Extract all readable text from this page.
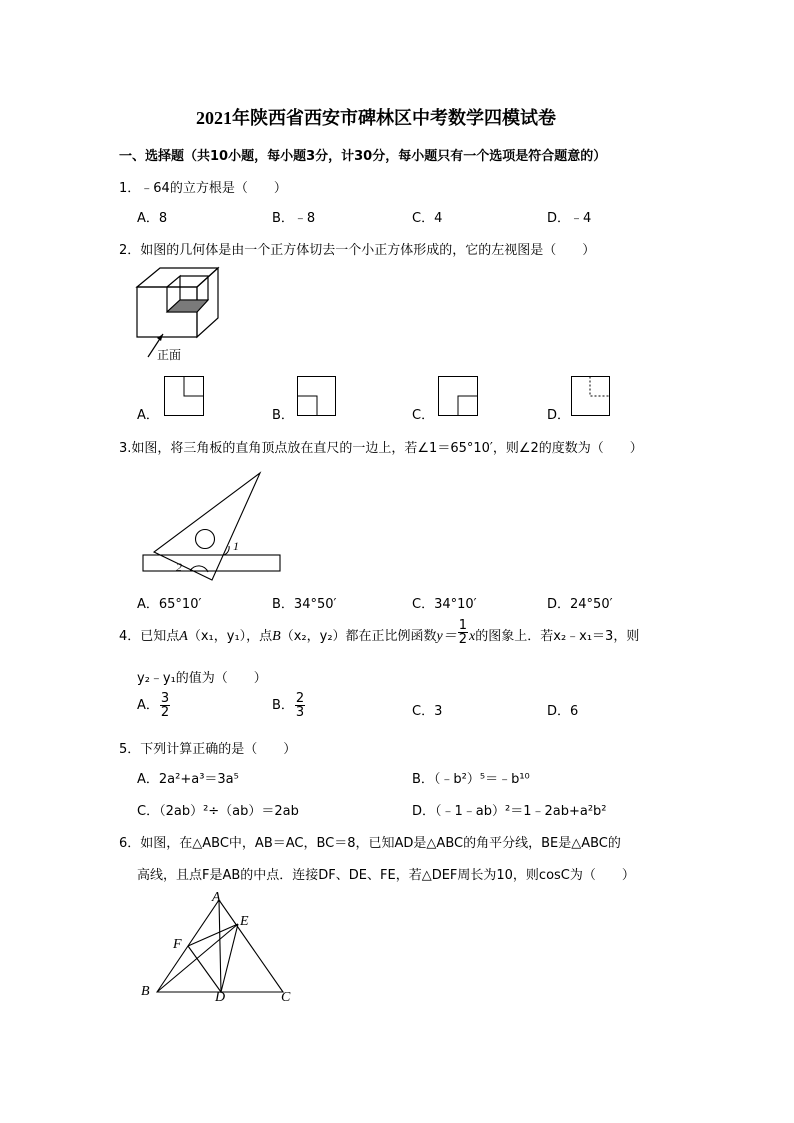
2021年陕西省西安市碑林区中考数学四模试卷
一、选择题（共10小题，每小题3分，计30分，每小题只有一个选项是符合题意的）
1．﹣64的立方根是（　　）
A．8	B．﹣8	C．4	D．﹣4
2．如图的几何体是由一个正方体切去一个小正方体形成的，它的左视图是（　　）
正面
A．	B．	C．	D．
3.如图，将三角板的直角顶点放在直尺的一边上，若∠1＝65°10′，则∠2的度数为（　　）
1
2
A．65°10′	B．34°50′	C．34°10′	D．24°50′
4．已知点A（x₁，y₁），点B（x₂，y₂）都在正比例函数$y= \frac{1}{2}$ x的图象上．若x₂﹣x₁＝3，则
y₂﹣y₁的值为（　　）
A． $\frac{3}{2}$	B． $\frac{2}{3}$	C．3	D．6
5．下列计算正确的是（　　）
A．2a²+a³＝3a⁵	B．（﹣b²）⁵＝﹣b¹⁰
C．（2ab）²÷（ab）＝2ab	D．（﹣1﹣ab）²＝1﹣2ab+a²b²
6．如图，在△ABC中，AB＝AC，BC＝8，已知AD是△ABC的角平分线，BE是△ABC的
高线，且点F是AB的中点．连接DF、DE、FE，若△DEF周长为10，则cosC为（　　）
A
E
F
B	D	C
